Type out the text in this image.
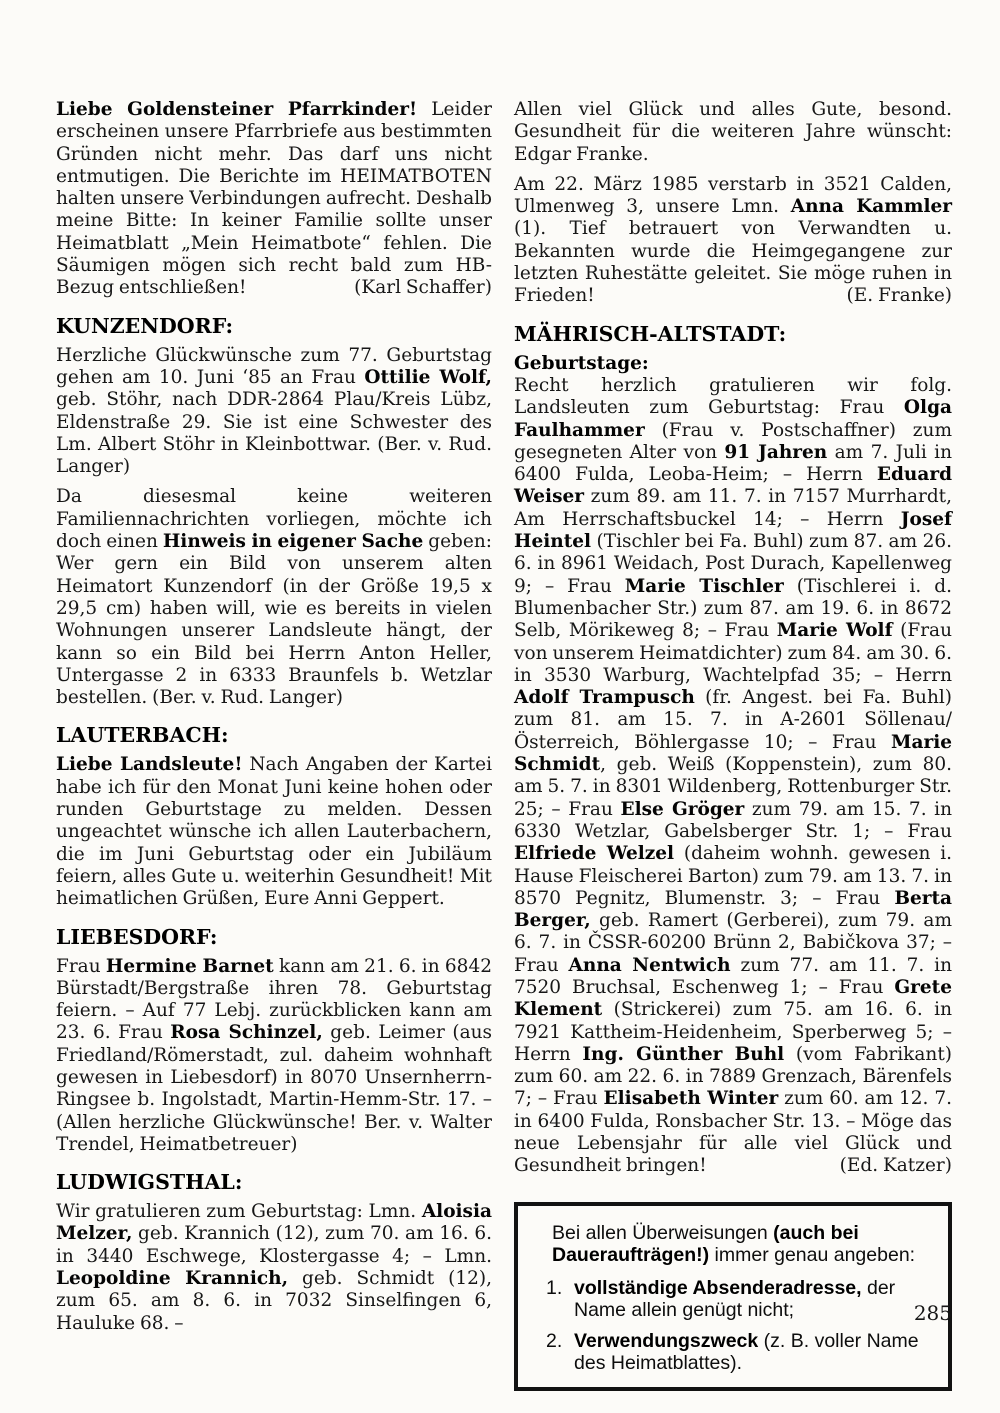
Liebe Goldensteiner Pfarrkinder! Leider erscheinen unsere Pfarrbriefe aus bestimmten Gründen nicht mehr. Das darf uns nicht entmutigen. Die Berichte im HEIMATBOTEN halten unsere Verbindungen aufrecht. Deshalb meine Bitte: In keiner Familie sollte unser Heimatblatt „Mein Heimatbote“ fehlen. Die Säumigen mögen sich recht bald zum HB-Bezug entschließen!	(Karl Schaffer)

KUNZENDORF:

Herzliche Glückwünsche zum 77. Geburtstag gehen am 10. Juni ‘85 an Frau Ottilie Wolf, geb. Stöhr, nach DDR-2864 Plau/Kreis Lübz, Eldenstraße 29. Sie ist eine Schwester des Lm. Albert Stöhr in Kleinbottwar. (Ber. v. Rud. Langer)

Da diesesmal keine weiteren Familiennachrichten vorliegen, möchte ich doch einen Hinweis in eigener Sache geben: Wer gern ein Bild von unserem alten Heimatort Kunzendorf (in der Größe 19,5 x 29,5 cm) haben will, wie es bereits in vielen Wohnungen unserer Landsleute hängt, der kann so ein Bild bei Herrn Anton Heller, Untergasse 2 in 6333 Braunfels b. Wetzlar bestellen. (Ber. v. Rud. Langer)

LAUTERBACH:

Liebe Landsleute! Nach Angaben der Kartei habe ich für den Monat Juni keine hohen oder runden Geburtstage zu melden. Dessen ungeachtet wünsche ich allen Lauterbachern, die im Juni Geburtstag oder ein Jubiläum feiern, alles Gute u. weiterhin Gesundheit! Mit heimatlichen Grüßen, Eure Anni Geppert.

LIEBESDORF:

Frau Hermine Barnet kann am 21. 6. in 6842 Bürstadt/Bergstraße ihren 78. Geburtstag feiern. – Auf 77 Lebj. zurückblicken kann am 23. 6. Frau Rosa Schinzel, geb. Leimer (aus Friedland/Römerstadt, zul. daheim wohnhaft gewesen in Liebesdorf) in 8070 Unsernherrn-Ringsee b. Ingolstadt, Martin-Hemm-Str. 17. – (Allen herzliche Glückwünsche! Ber. v. Walter Trendel, Heimatbetreuer)

LUDWIGSTHAL:

Wir gratulieren zum Geburtstag: Lmn. Aloisia Melzer, geb. Krannich (12), zum 70. am 16. 6. in 3440 Eschwege, Klostergasse 4; – Lmn. Leopoldine Krannich, geb. Schmidt (12), zum 65. am 8. 6. in 7032 Sinselfingen 6, Hauluke 68. –

Allen viel Glück und alles Gute, besond. Gesundheit für die weiteren Jahre wünscht: Edgar Franke.

Am 22. März 1985 verstarb in 3521 Calden, Ulmenweg 3, unsere Lmn. Anna Kammler (1). Tief betrauert von Verwandten u. Bekannten wurde die Heimgegangene zur letzten Ruhestätte geleitet. Sie möge ruhen in Frieden!	(E. Franke)

MÄHRISCH-ALTSTADT:
Geburtstage:

Recht herzlich gratulieren wir folg. Landsleuten zum Geburtstag: Frau Olga Faulhammer (Frau v. Postschaffner) zum gesegneten Alter von 91 Jahren am 7. Juli in 6400 Fulda, Leoba-Heim; – Herrn Eduard Weiser zum 89. am 11. 7. in 7157 Murrhardt, Am Herrschaftsbuckel 14; – Herrn Josef Heintel (Tischler bei Fa. Buhl) zum 87. am 26. 6. in 8961 Weidach, Post Durach, Kapellenweg 9; – Frau Marie Tischler (Tischlerei i. d. Blumenbacher Str.) zum 87. am 19. 6. in 8672 Selb, Mörikeweg 8; – Frau Marie Wolf (Frau von unserem Heimatdichter) zum 84. am 30. 6. in 3530 Warburg, Wachtelpfad 35; – Herrn Adolf Trampusch (fr. Angest. bei Fa. Buhl) zum 81. am 15. 7. in A-2601 Söllenau/Österreich, Böhlergasse 10; – Frau Marie Schmidt, geb. Weiß (Koppenstein), zum 80. am 5. 7. in 8301 Wildenberg, Rottenburger Str. 25; – Frau Else Gröger zum 79. am 15. 7. in 6330 Wetzlar, Gabelsberger Str. 1; – Frau Elfriede Welzel (daheim wohnh. gewesen i. Hause Fleischerei Barton) zum 79. am 13. 7. in 8570 Pegnitz, Blumenstr. 3; – Frau Berta Berger, geb. Ramert (Gerberei), zum 79. am 6. 7. in ČSSR-60200 Brünn 2, Babičkova 37; – Frau Anna Nentwich zum 77. am 11. 7. in 7520 Bruchsal, Eschenweg 1; – Frau Grete Klement (Strickerei) zum 75. am 16. 6. in 7921 Kattheim-Heidenheim, Sperberweg 5; – Herrn Ing. Günther Buhl (vom Fabrikant) zum 60. am 22. 6. in 7889 Grenzach, Bärenfels 7; – Frau Elisabeth Winter zum 60. am 12. 7. in 6400 Fulda, Ronsbacher Str. 13. – Möge das neue Lebensjahr für alle viel Glück und Gesundheit bringen!	(Ed. Katzer)

Bei allen Überweisungen (auch bei Daueraufträgen!) immer genau angeben:

1. vollständige Absenderadresse, der Name allein genügt nicht;

2. Verwendungszweck (z. B. voller Name des Heimatblattes).

285
